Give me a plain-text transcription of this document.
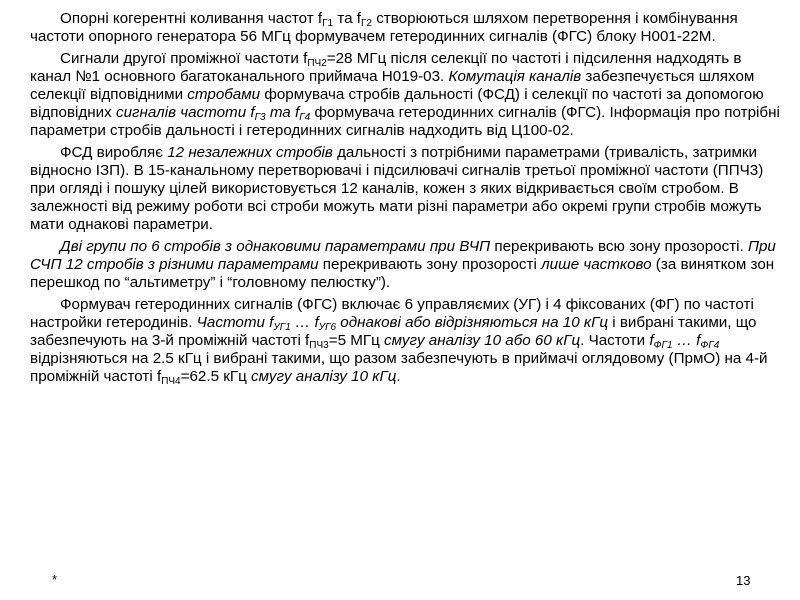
Опорні когерентні коливання частот $f_{Г1}$ та $f_{Г2}$ створюються шляхом перетворення і комбінування частоти опорного генератора 56 МГц формувачем гетеродинних сигналів (ФГС) блоку Н001-22М.

Сигнали другої проміжної частоти $f_{ПЧ2}=28$ МГц після селекції по частоті і підсилення надходять в канал №1 основного багатоканального приймача Н019-03. Комутація каналів забезпечується шляхом селекції відповідними стробами формувача стробів дальності (ФСД) і селекції по частоті за допомогою відповідних сигналів частоти $f_{Г3}$ та $f_{Г4}$ формувача гетеродинних сигналів (ФГС). Інформація про потрібні параметри стробів дальності і гетеродинних сигналів надходить від Ц100-02.

ФСД виробляє 12 незалежних стробів дальності з потрібними параметрами (тривалість, затримки відносно ІЗП). В 15-канальному перетворювачі і підсилювачі сигналів третьої проміжної частоти (ППЧ3) при огляді і пошуку цілей використовується 12 каналів, кожен з яких відкривається своїм стробом. В залежності від режиму роботи всі строби можуть мати різні параметри або окремі групи стробів можуть мати однакові параметри.

Дві групи по 6 стробів з однаковими параметрами при ВЧП перекривають всю зону прозорості. При СЧП 12 стробів з різними параметрами перекривають зону прозорості лише частково (за винятком зон перешкод по “альтиметру” і “головному пелюстку”).

Формувач гетеродинних сигналів (ФГС) включає 6 управляємих (УГ) і 4 фіксованих (ФГ) по частоті настройки гетеродинів. Частоти $f_{УГ1}$ … $f_{УГ6}$ однакові або відрізняються на 10 кГц і вибрані такими, що забезпечують на 3-й проміжній частоті $f_{ПЧ3}=5$ МГц смугу аналізу 10 або 60 кГц. Частоти $f_{ФГ1}$ … $f_{ФГ4}$ відрізняються на 2.5 кГц і вибрані такими, що разом забезпечують в приймачі оглядовому (ПрмО) на 4-й проміжній частоті $f_{ПЧ4}=62.5$ кГц смугу аналізу 10 кГц.

*	13
